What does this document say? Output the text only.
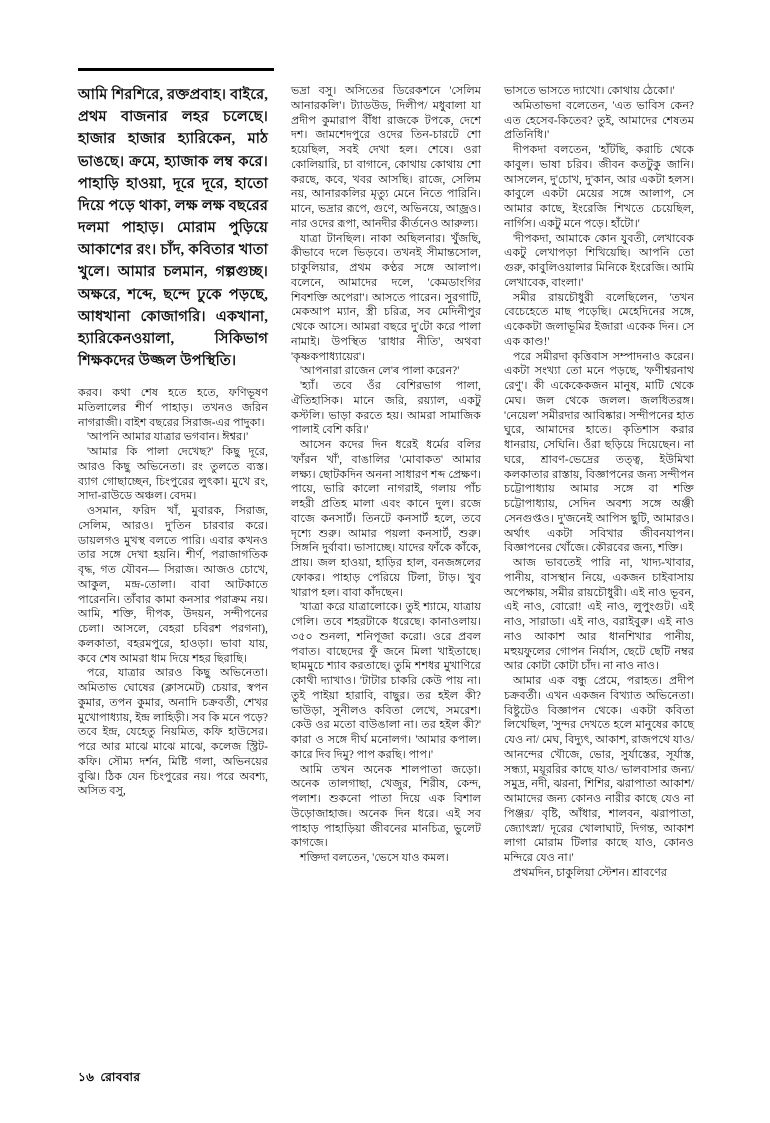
আমি শিরশিরে, রক্তপ্রবাহ। বাইরে, প্রথম বাজনার লহর চলেছে। হাজার হাজার হ্যারিকেন, মাঠ ভাঙছে। ক্রমে, হ্যাজাক লম্ব করে। পাহাড়ি হাওয়া, দূরে দূরে, হাতো দিয়ে পড়ে থাকা, লক্ষ লক্ষ বছরের দলমা পাহাড়। মোরাম পুড়িয়ে আকাশের রং। চাঁদ, কবিতার খাতা খুলে। আমার চলমান, গল্পগুচ্ছ। অক্ষরে, শব্দে, ছন্দে ঢুকে পড়ছে, আধখানা কোজাগরি। একখানা, হ্যারিকেনওয়ালা, সিকিভাগ শিক্ষকদের উজ্জল উপস্থিতি।

করব। কথা শেষ হতে হতে, ফণিভূষণ মতিলালের শীর্ণ পাহাড়। তখনও জরিন নাগরাজী। বাইশ বছরের সিরাজ-এর পাদুকা।

'আপনি আমার যাত্রার ভগবান। ঈশ্বর।'

'আমার কি পালা দেখেছ?' কিছু দূরে, আরও কিছু অভিনেতা। রং তুলতে ব্যস্ত। ব্যাগ গোছাচ্ছেন, চিংপুরের লুৎকা। মুখে রং, সাদা-রাউডে অঞ্চল। বেদম।

ওসমান, ফরিদ খাঁ, মুবারক, সিরাজ, সেলিম, আরও। দু'তিন চারবার করে। ডায়লগও মুখস্থ বলতে পারি। এবার কখনও তার সঙ্গে দেখা হয়নি। শীর্ণ, পরাজাগতিক বৃদ্ধ, গত যৌবন— সিরাজ। আজও চোখে, আকুল, মন্দ্র-তোলা। বাবা আটকাতে পারেননি। তাঁবার কামা কনসার পরাক্রম নয়। আমি, শক্তি, দীপক, উদয়ন, সন্দীপনের চেলা। আসলে, বেহরা চবিরশ পরগনা), কলকাতা, বহরমপুরে, হাওড়া। ভাবা যায়, কবে শেষ আমরা ধাম দিয়ে শহর ছিরাছি।

পরে, যাত্রার আরও কিছু অভিনেতা। অমিতাভ ঘোষের (ক্লাসমেট) চেয়ার, স্বপন কুমার, তপন কুমার, অনাদি চক্রবর্তী, শেখর মুখোপাধ্যায়, ইন্দ্র লাহিড়ী। সব কি মনে পড়ে? তবে ইন্দ্র, যেহেতু নিয়মিত, কফি হাউসের। পরে আর মাঝে মাঝে মাঝে, কলেজ স্ট্রিট-কফি। সৌম্য দর্শন, মিষ্টি গলা, অভিনয়ের বুঝি। ঠিক যেন চিংপুরের নয়। পরে অবশ্য, অসিত বসু,

ভদ্রা বসু। অসিতের ডিরেকশনে 'সেলিম আনারকলি'। ট্যাডউড, দিলীপ/ মধুবালা যা প্রদীপ কুমারাপ বীঁধা রাজকে টপকে, দেশে দশ। জামশেদপুরে ওদের তিন-চারটে শো হয়েছিল, সবই দেখা হল। শেষে। ওরা কোলিয়ারি, চা বাগানে, কোথায় কোথায় শো করছে, কবে, খবর আসছি। রাজে, সেলিম নয়, আনারকলির মৃত্যু মেনে নিতে পারিনি। মানে, ভদ্রার রূপে, গুণে, অভিনয়ে, আজ্রও। নার ওদের রূপা, আনদীর কীর্তনেও আরুল্য।

যাত্রা টানছিল। নাকা অছিলনার। খুঁজছি, কীভাবে দলে ভিড়বে। তখনই সীমান্তসোল, চাকুলিয়ার, প্রথম কণ্ঠর সঙ্গে আলাপ। বলেনে, আমাদের দলে, 'কেমডাংগির শিবশক্তি অপেরা'। আসতে পারেন। সুরগাটি, মেকআপ ম্যান, স্ত্রী চরিত্র, সব মেদিনীপুর থেকে আসে। আমরা বছরে দু'টো করে পালা নামাই। উপস্থিত 'রাধার নীতি', অথবা 'কৃষ্ণকপাধ্যায়ের'।

'আপনারা রাজেন লে'ৰ পালা করেন?'

'হ্যাঁ। তবে ওঁর বেশিরভাগ পালা, ঐতিহাসিক। মানে জরি, রয়্যাল, একটু কস্টলি। ভাড়া করতে হয়। আমরা সামাজিক পালাই বেশি করি।'

আসেন কদের দিন ধরেই ধর্মের বলির 'ফাঁরন খাঁ', বাঙালির 'মোবাকত' আমার লক্ষ্য। ছোটকদিন অননা সাধারণ শব্দ প্রেক্ষণ। পায়ে, ভারি কালো নাগরাই, গলায় পাঁচ লহরী প্রতিহ মালা এবং কানে দুল। রজে বাজে কনসার্ট। তিনটে কনসার্ট হলে, তবে দৃশ্যে শুরু। আমার পয়লা কনসার্ট, শুরু। সিঙ্গনি দুর্বাবা। ভাসাচ্ছে। যাদের ফাঁকে কাঁকে, প্রায়। জল হাওয়া, হাড়ির হাল, বনজঙ্গলের ফোকর। পাহাড় পেরিয়ে টিলা, টাড়। খুব খারাপ হল। বাবা কাঁদছেন।

'যাত্রা করে যাত্রালোকে। তুই শ্যামে, যাত্রায় গেলি। তবে শহরটাকে ধরেছে। কানাওলায়। ৩৫০ শুনলা, শনিপূজা করো। ওরে প্রবল পবাত। বাছেদের ফুঁ জনে মিলা খাইতাছে। ছামমুচে শ্যাব করতাছে। তুমি শশধর মুখাণিরে কোথী দ্যাখাও। 'টাটার চাকরি কেউ পায় না। তুই পাইয়া হারাবি, বাছুর। তর হইল কী? ভাউড়া, সুনীলও কবিতা লেখে, সমরেশ। কেউ ওর মতো বাউঙালা না। তর হইল কী?' কারা ও সঙ্গে দীর্ঘ মনোলগ। 'আমার কপাল। কারে দিব দিমু? পাপ করছি। পাপ।'

আমি তখন অনেক শালপাতা জড়ো। অনেক তালগাছা, খেজুর, শিরীষ, কেন্দ, পলাশ। শুকনো পাতা দিয়ে এক বিশাল উড়োজাহাজ। অনেক দিন ধরে। এই সব পাহাড় পাহাড়িয়া জীবনের মানচিত্র, ভুলেট কাগজে।

শক্তিদা বলতেন, 'ভেসে যাও কমল।

ভাসতে ভাসতে দ্যাখো। কোথায় ঠেকো।'

অমিতাভদা বলেতেন, 'এত ভাবিস কেন? এত হেসেব-কিতেব? তুই, আমাদের শেষতম প্রতিনিধি।'

দীপকদা বলতেন, 'হাঁটছি, করাচি থেকে কাবুল। ভাষা চরিব। জীবন কতটুকু জানি। আসলেন, দু'চোখ, দু'কান, আর একটা হলস। কাবুলে একটা মেয়ের সঙ্গে আলাপ, সে আমার কাছে, ইংরেজি শিখতে চেয়েছিল, নার্গিস। একটু মনে পড়ে। হাঁটো।'

'দীপকদা, আমাকে কোন যুবতী, লেখাবেক একটু লেখাপড়া শিখিয়েছি। আপনি তো গুরু, কাবুলিওয়ালার মিনিকে ইংরেজি। আমি লেখাবেক, বাংলা।'

সমীর রায়চৌধুরী বলেছিলেন, 'তখন বেচেহেতে মাছ পড়েছি। মেহেদিনের সঙ্গে, একেকটা জলাভূমির ইজারা একেক দিন। সে এক কাণ্ড!'

পরে সমীরদা কৃত্তিবাস সম্পাদনাও করেন। একটা সংখ্যা তো মনে পড়ছে, 'ফণীশ্বরনাথ রেণু'। কী একেকেকজন মানুষ, মাটি থেকে মেঘ। জল থেকে জলল। জলধিতরঙ্গ। 'নেয়েল' সমীরদার আবিষ্কার। সন্দীপনের হাত ঘুরে, আমাদের হাতে। কৃতিশাস করার ধানরায়, সেঘিনি। ওঁরা ছড়িয়ে দিয়েছেন। না ঘরে, শ্রাবণ-ভেদ্রের তত্ত্ব, ইউমিখা কলকাতার রাস্তায়, বিজ্ঞাপনের জন্য সন্দীপন চট্টোপাধ্যায় আমার সঙ্গে বা শক্তি চট্টোপাধ্যায়, সেদিন অবশ্য সঙ্গে অঞ্জী সেনগুপ্তও। দু'জনেই আপিস ছুটি, আমারও। অর্থাৎ একটা সবিখার জীবনযাপন। বিজ্ঞাপনের খোঁজে। কৌরবের জন্য, শক্তি।

আজ ভাবতেই পারি না, খাদ্য-খাবার, পানীয়, বাসস্থান নিয়ে, একজন চাইবাসায় অপেক্ষায়, সমীর রায়চৌধুরী। এই নাও ভূবন, এই নাও, বোরো! এই নাও, লুপুংগুট। এই নাও, সারাডা। এই নাও, বরাইবুরু। এই নাও নাও আকাশ আর ধানশিখার পানীয়, মহুয়ফুলের গোপন নির্যাস, ছেটে ছেটি নম্বর আর কোটা কোটা চাঁদ। না নাও নাও।

আমার এক বন্ধু প্রেমে, পরাহত। প্রদীপ চক্রবর্তী। এখন একজন বিখ্যাত অভিনেতা। বিষ্টুটেও বিজ্ঞাপন থেকে। একটা কবিতা লিখেছিল, 'সুন্দর দেখতে হলে মানুষের কাছে যেও না/ মেঘ, বিদ্যুৎ, আকাশ, রাজপথে যাও/ আনন্দের খৌজে, ভোর, সুর্যাস্তের, সূর্যাস্ত, সন্ধ্যা, ময়ূররির কাছে যাও/ ভালবাসার জন্য/ সমুদ্র, নদী, ঝরনা, শিশির, ঝরাপাতা আকাশ/ আমাদের জন্য কোনও নারীর কাছে যেও না পিঞ্জর/ বৃষ্টি, আঁধার, শালবন, ঝরাপাতা, জ্যোৎস্না/ দূরের খোলাঘাট, দিগন্ত, আকাশ লাগা মোরাম টিলার কাছে যাও, কোনও মন্দিরে যেও না।'

প্রথমদিন, চাকুলিয়া স্টেশন। শ্রাবণের

১৬ রোববার
